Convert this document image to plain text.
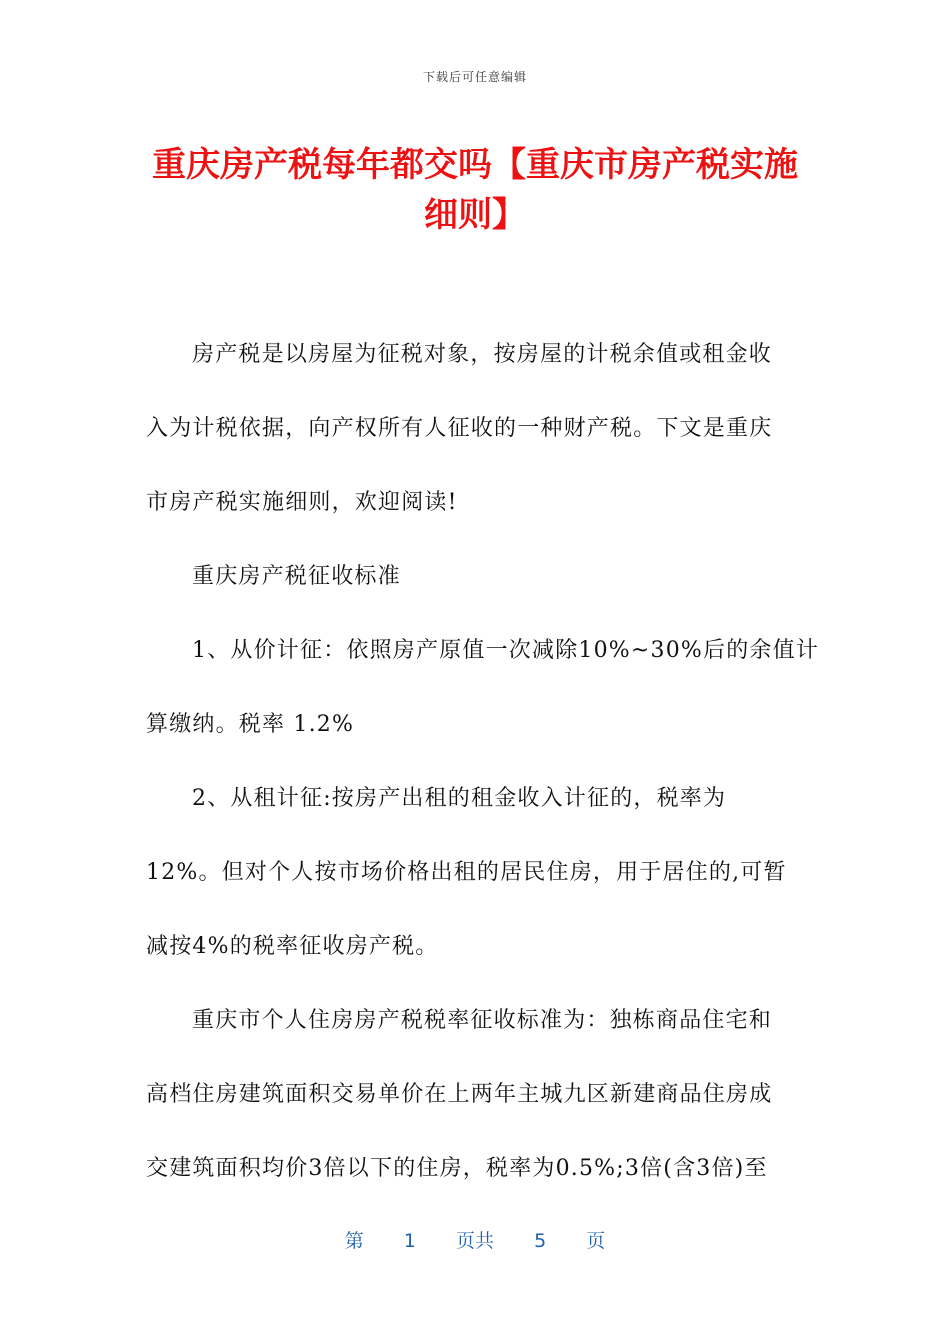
下载后可任意编辑
重庆房产税每年都交吗【重庆市房产税实施
细则】

房产税是以房屋为征税对象，按房屋的计税余值或租金收
入为计税依据，向产权所有人征收的一种财产税。下文是重庆
市房产税实施细则，欢迎阅读!

重庆房产税征收标准

1、从价计征：依照房产原值一次减除10%~30%后的余值计
算缴纳。税率 1.2%

2、从租计征:按房产出租的租金收入计征的，税率为
12%。但对个人按市场价格出租的居民住房，用于居住的,可暂
减按4%的税率征收房产税。

重庆市个人住房房产税税率征收标准为：独栋商品住宅和
高档住房建筑面积交易单价在上两年主城九区新建商品住房成
交建筑面积均价3倍以下的住房，税率为0.5%;3倍(含3倍)至

第 1 页共 5 页
